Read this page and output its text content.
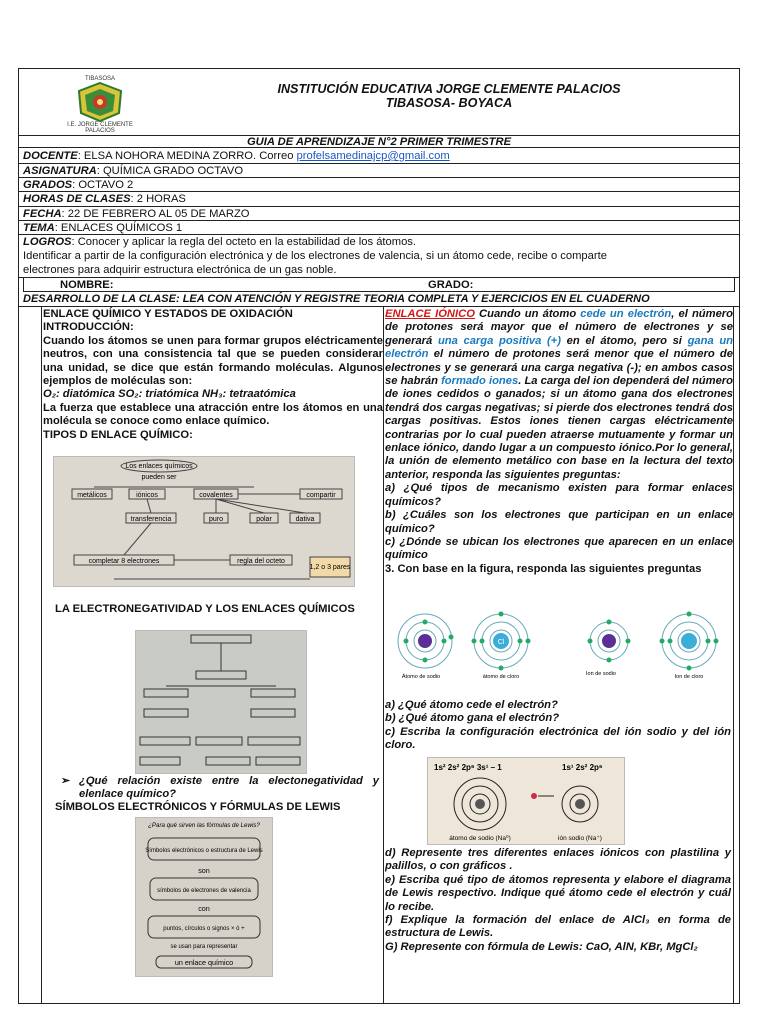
TIBASOSA
I.E. JORGE CLEMENTE
PALACIOS
INSTITUCIÓN EDUCATIVA JORGE CLEMENTE PALACIOS
TIBASOSA- BOYACA
GUIA DE APRENDIZAJE N°2 PRIMER TRIMESTRE
DOCENTE: ELSA NOHORA MEDINA ZORRO. Correo profelsamedinajcp@gmail.com
ASIGNATURA: QUÍMICA GRADO OCTAVO
GRADOS: OCTAVO 2
HORAS DE CLASES: 2 HORAS
FECHA: 22 DE FEBRERO AL 05 DE MARZO
TEMA: ENLACES QUÍMICOS 1
LOGROS: Conocer y aplicar la regla del octeto en la estabilidad de los átomos.
Identificar a partir de la configuración electrónica y de los electrones de valencia, si un átomo cede, recibe o comparte
electrones para adquirir estructura electrónica de un gas noble.
NOMBRE:	GRADO:
DESARROLLO DE LA CLASE: LEA CON ATENCIÓN Y REGISTRE TEORIA COMPLETA Y EJERCICIOS EN EL CUADERNO
ENLACE QUÍMICO Y ESTADOS DE OXIDACIÓN
INTRODUCCIÓN:
Cuando los átomos se unen para formar grupos eléctricamente neutros, con una consistencia tal que se pueden considerar una unidad, se dice que están formando moléculas. Algunos ejemplos de moléculas son:
O₂: diatómica SO₂: triatómica NH₃: tetraatómica
La fuerza que establece una atracción entre los átomos en una molécula se conoce como enlace químico.
TIPOS D ENLACE QUÍMICO:
Los enlaces químicos
pueden ser
metálicos	iónicos	covalentes	compartir
transferencia	puro	polar	dativa
completar 8 electrones	regla del octeto
1,2 o 3 pares
LA ELECTRONEGATIVIDAD Y LOS ENLACES QUÍMICOS
➢ ¿Qué relación existe entre la electonegatividad y elenlace químico?
SÍMBOLOS ELECTRÓNICOS Y FÓRMULAS DE LEWIS
¿Para qué sirven las fórmulas de Lewis?
Símbolos electrónicos o estructura de Lewis
son
símbolos de electrones de valencia
con
puntos, círculos o signos × ó +
se usan para representar
un enlace químico

ENLACE IÓNICO Cuando un átomo cede un electrón, el número de protones será mayor que el número de electrones y se generará una carga positiva (+) en el átomo, pero si gana un electrón el número de protones será menor que el número de electrones y se generará una carga negativa (-); en ambos casos se habrán formado iones. La carga del ion dependerá del número de iones cedidos o ganados; si un átomo gana dos electrones tendrá dos cargas negativas; si pierde dos electrones tendrá dos cargas positivas. Estos iones tienen cargas eléctricamente contrarias por lo cual pueden atraerse mutuamente y formar un enlace iónico, dando lugar a un compuesto iónico.Por lo general, la unión de elemento metálico con base en la lectura del texto anterior, responda las siguientes preguntas:

a) ¿Qué tipos de mecanismo existen para formar enlaces químicos?

b) ¿Cuáles son los electrones que participan en un enlace químico?

c) ¿Dónde se ubican los electrones que aparecen en un enlace químico

3. Con base en la figura, responda las siguientes preguntas

Cl
Átomo de sodio	átomo de cloro	Ion de sodio	Ion de cloro

a) ¿Qué átomo cede el electrón?

b) ¿Qué átomo gana el electrón?

c) Escriba la configuración electrónica del ión sodio y del ión cloro.

1s² 2s² 2p⁶ 3s¹ – 1	1s¹ 2s² 2p⁶
átomo de sodio (Na⁰)	ión sodio (Na⁺)

d) Represente tres diferentes enlaces iónicos con plastilina y palillos, o con gráficos .

e) Escriba qué tipo de átomos representa y elabore el diagrama de Lewis respectivo. Indique qué átomo cede el electrón y cuál lo recibe.

f) Explique la formación del enlace de AlCl₃ en forma de estructura de Lewis.

G) Represente con fórmula de Lewis: CaO, AlN, KBr, MgCl₂
